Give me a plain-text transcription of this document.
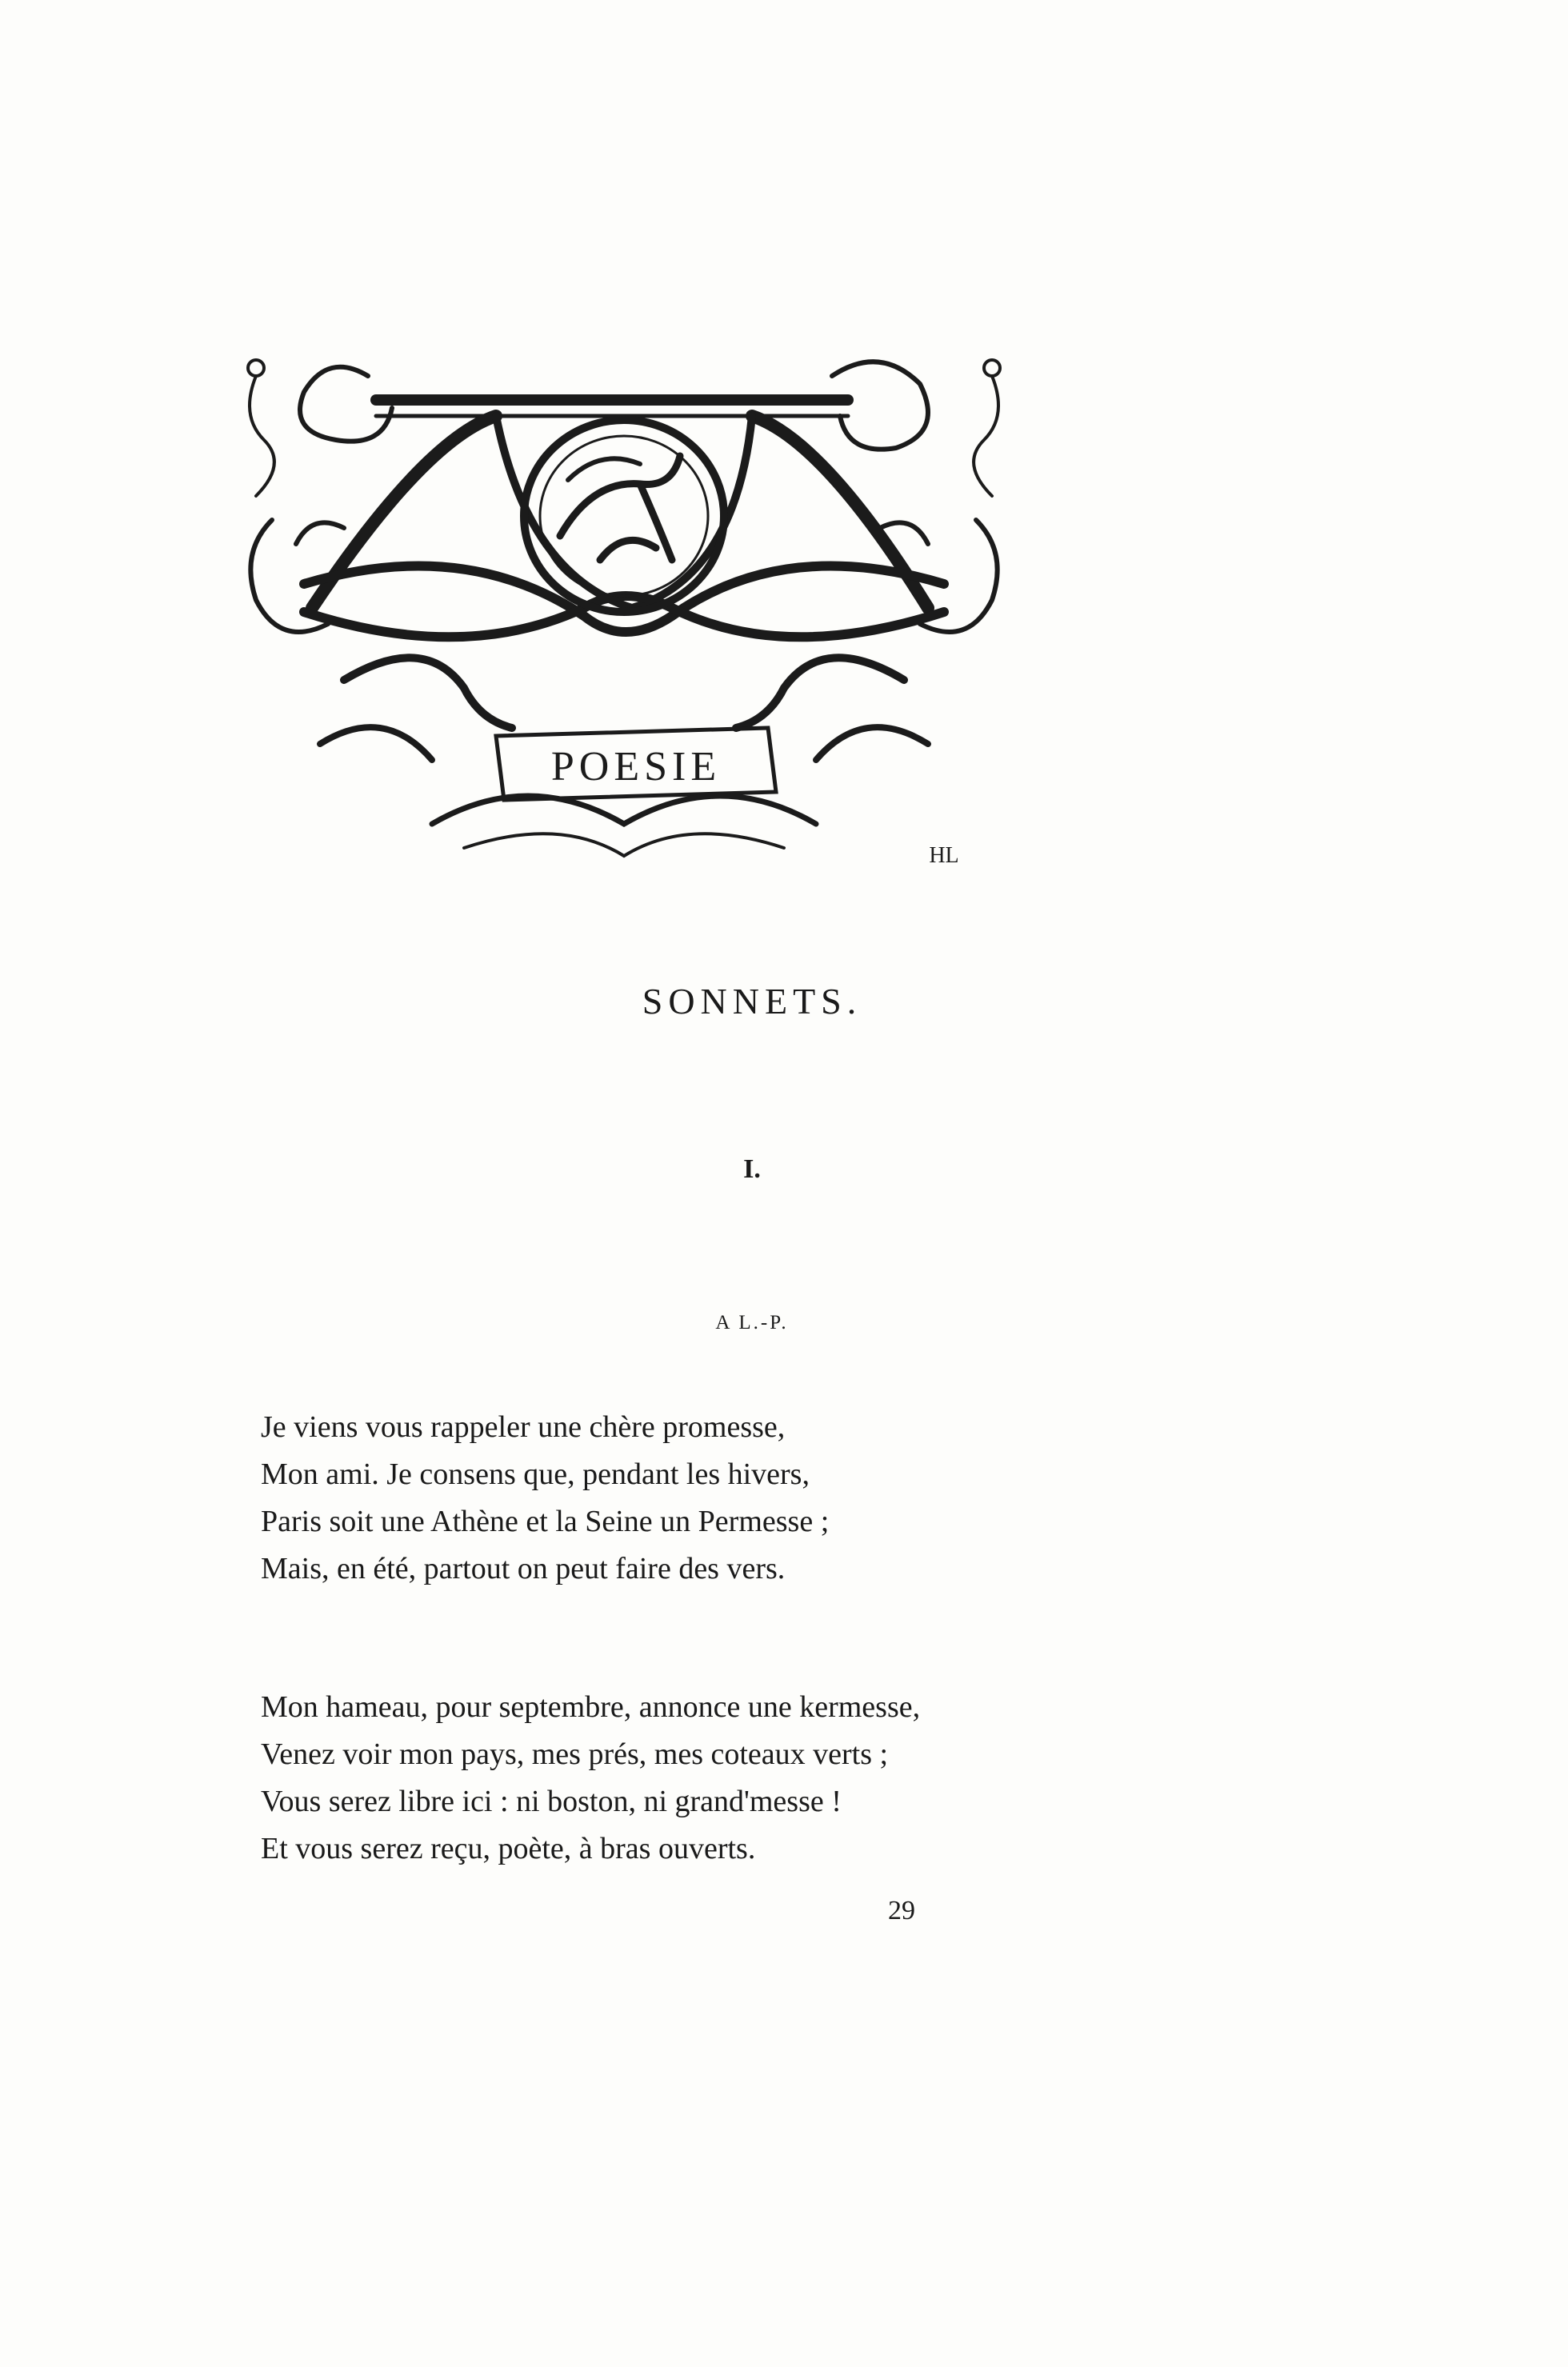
POESIE
HL
SONNETS.
I.
A L.-P.
Je viens vous rappeler une chère promesse,
Mon ami. Je consens que, pendant les hivers,
Paris soit une Athène et la Seine un Permesse ;
Mais, en été, partout on peut faire des vers.
Mon hameau, pour septembre, annonce une kermesse,
Venez voir mon pays, mes prés, mes coteaux verts ;
Vous serez libre ici : ni boston, ni grand'messe !
Et vous serez reçu, poète, à bras ouverts.
29
